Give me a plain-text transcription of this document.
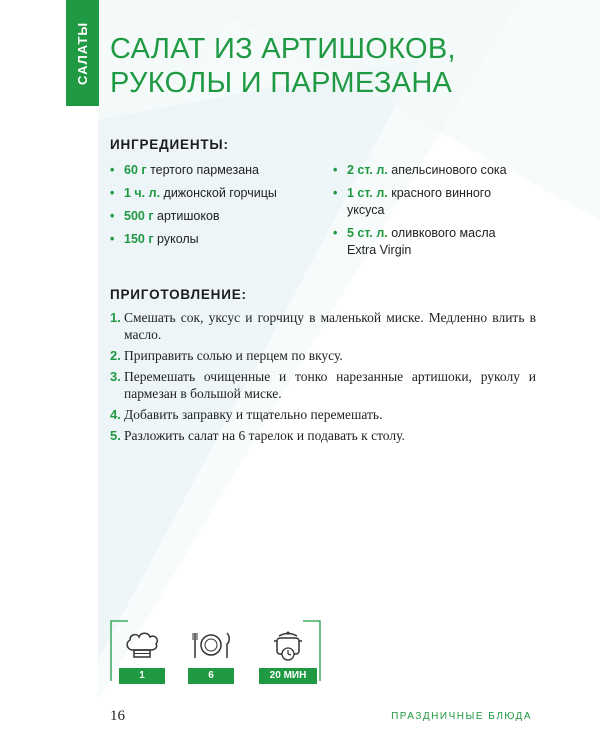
САЛАТЫ САЛАТ ИЗ АРТИШОКОВ,
РУКОЛЫ И ПАРМЕЗАНА
ИНГРЕДИЕНТЫ:
• 60 г тертого пармезана
• 1 ч. л. дижонской горчицы
• 500 г артишоков
• 150 г руколы
• 2 ст. л. апельсинового сока
• 1 ст. л. красного винного уксуса
• 5 ст. л. оливкового масла Extra Virgin
ПРИГОТОВЛЕНИЕ:
1. Смешать сок, уксус и горчицу в маленькой миске. Медленно влить в масло.
2. Приправить солью и перцем по вкусу.
3. Перемешать очищенные и тонко нарезанные артишоки, руколу и пармезан в большой миске.
4. Добавить заправку и тщательно перемешать.
5. Разложить салат на 6 тарелок и подавать к столу.
1	6	20 МИН
16	ПРАЗДНИЧНЫЕ БЛЮДА
